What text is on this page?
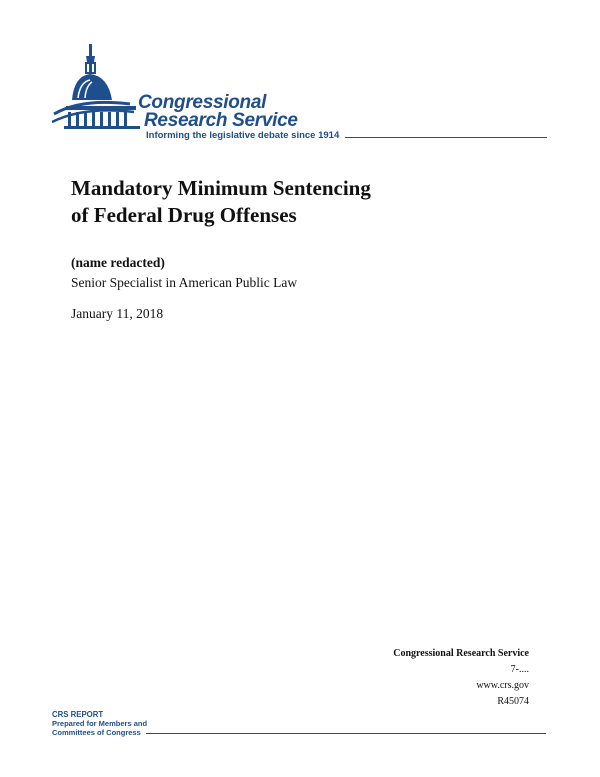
Congressional
Research Service
Informing the legislative debate since 1914
Mandatory Minimum Sentencing
of Federal Drug Offenses
(name redacted)
Senior Specialist in American Public Law
January 11, 2018
Congressional Research Service
7-....
www.crs.gov
R45074
CRS REPORT
Prepared for Members and
Committees of Congress
